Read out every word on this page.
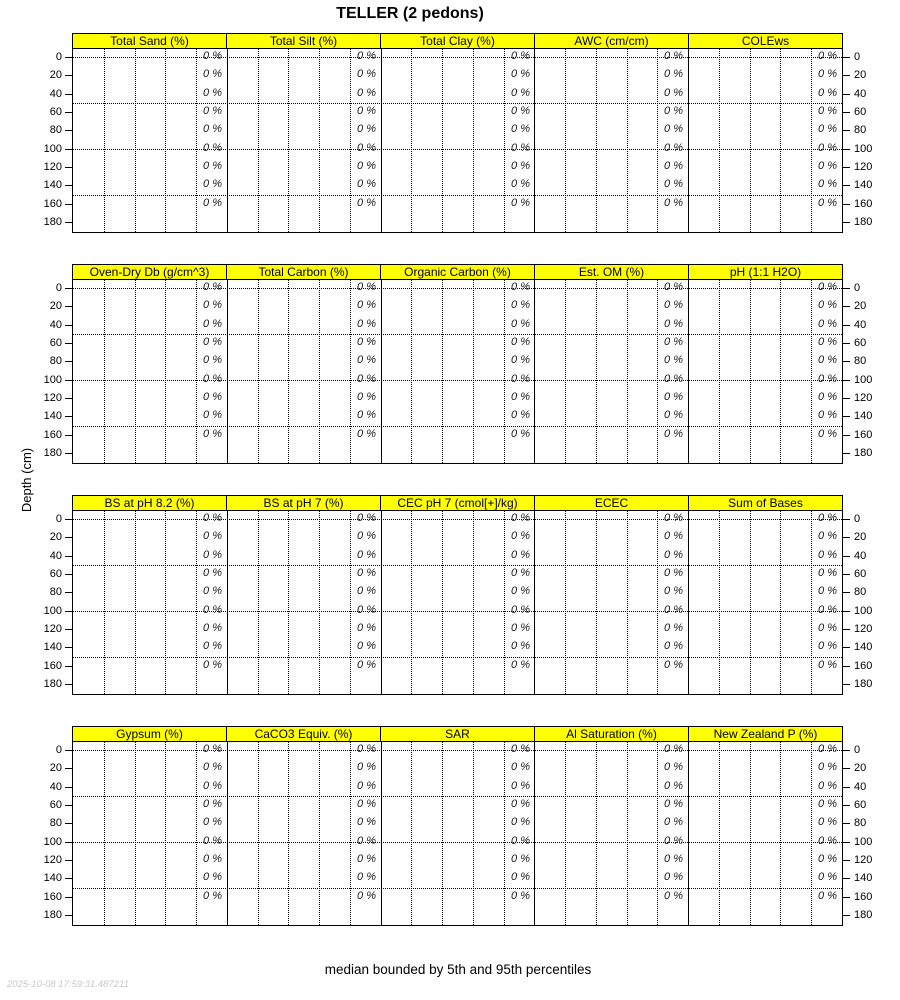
TELLER (2 pedons)
Depth (cm)
Total Sand (%)	Total Silt (%)	Total Clay (%)	AWC (cm/cm)	COLEws
0 %
0 %
0 %
0 %
0 %
0 %
0 %
0 %
0 %
0 %
0 %
0 %
0 %
0 %
0 %
0 %
0 %
0 %
0 %
0 %
0 %
0 %
0 %
0 %
0 %
0 %
0 %
0 %
0 %
0 %
0 %
0 %
0 %
0 %
0 %
0 %
0 %
0 %
0 %
0 %
0 %
0 %
0 %
0 %
0 %
0	0
20	20
40	40
60	60
80	80
100	100
120	120
140	140
160	160
180	180
Oven-Dry Db (g/cm^3)	Total Carbon (%)	Organic Carbon (%)	Est. OM (%)	pH (1:1 H2O)
0 %
0 %
0 %
0 %
0 %
0 %
0 %
0 %
0 %
0 %
0 %
0 %
0 %
0 %
0 %
0 %
0 %
0 %
0 %
0 %
0 %
0 %
0 %
0 %
0 %
0 %
0 %
0 %
0 %
0 %
0 %
0 %
0 %
0 %
0 %
0 %
0 %
0 %
0 %
0 %
0 %
0 %
0 %
0 %
0 %
0	0
20	20
40	40
60	60
80	80
100	100
120	120
140	140
160	160
180	180
BS at pH 8.2 (%)	BS at pH 7 (%)	CEC pH 7 (cmol[+]/kg)	ECEC	Sum of Bases
0 %
0 %
0 %
0 %
0 %
0 %
0 %
0 %
0 %
0 %
0 %
0 %
0 %
0 %
0 %
0 %
0 %
0 %
0 %
0 %
0 %
0 %
0 %
0 %
0 %
0 %
0 %
0 %
0 %
0 %
0 %
0 %
0 %
0 %
0 %
0 %
0 %
0 %
0 %
0 %
0 %
0 %
0 %
0 %
0 %
0	0
20	20
40	40
60	60
80	80
100	100
120	120
140	140
160	160
180	180
Gypsum (%)	CaCO3 Equiv. (%)	SAR	Al Saturation (%)	New Zealand P (%)
0 %
0 %
0 %
0 %
0 %
0 %
0 %
0 %
0 %
0 %
0 %
0 %
0 %
0 %
0 %
0 %
0 %
0 %
0 %
0 %
0 %
0 %
0 %
0 %
0 %
0 %
0 %
0 %
0 %
0 %
0 %
0 %
0 %
0 %
0 %
0 %
0 %
0 %
0 %
0 %
0 %
0 %
0 %
0 %
0 %
0	0
20	20
40	40
60	60
80	80
100	100
120	120
140	140
160	160
180	180
median bounded by 5th and 95th percentiles
2025-10-08 17:59:31.487211
